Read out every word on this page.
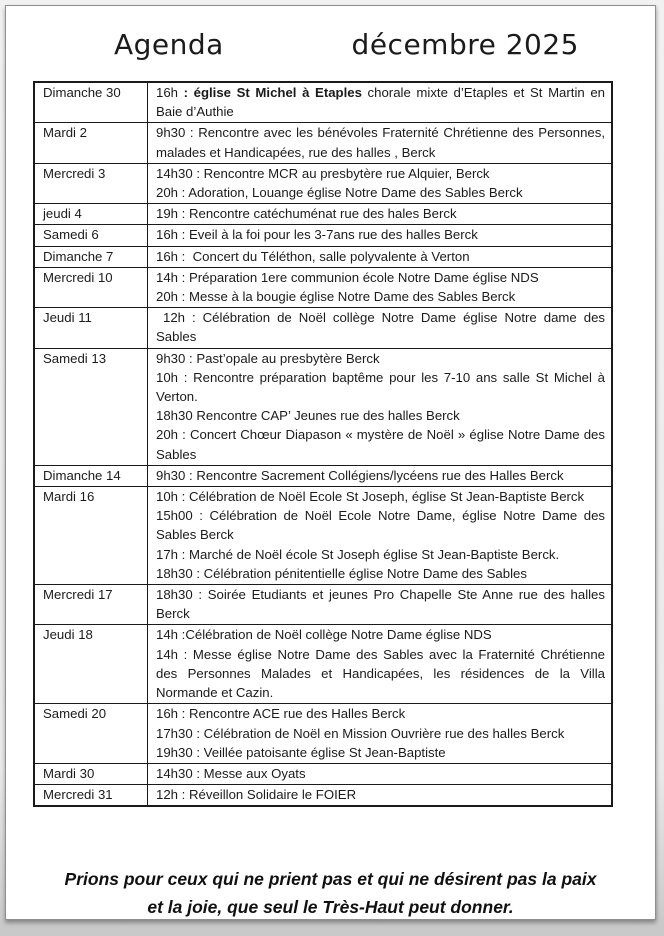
Agenda	décembre 2025
Dimanche 30	16h : église St Michel à Etaples chorale mixte d’Etaples et St Martin en Baie d’Authie

Mardi 2	9h30 : Rencontre avec les bénévoles Fraternité Chrétienne des Personnes, malades et Handicapées, rue des halles , Berck

Mercredi 3	14h30 : Rencontre MCR au presbytère rue Alquier, Berck

20h : Adoration, Louange église Notre Dame des Sables Berck

jeudi 4	19h : Rencontre catéchuménat rue des hales Berck

Samedi 6	16h : Eveil à la foi pour les 3-7ans rue des halles Berck

Dimanche 7	16h :  Concert du Téléthon, salle polyvalente à Verton

Mercredi 10	14h : Préparation 1ere communion école Notre Dame église NDS

20h : Messe à la bougie église Notre Dame des Sables Berck

Jeudi 11	12h : Célébration de Noël collège Notre Dame église Notre dame des Sables

Samedi 13	9h30 : Past’opale au presbytère Berck

10h : Rencontre préparation baptême pour les 7-10 ans salle St Michel à Verton.

18h30 Rencontre CAP’ Jeunes rue des halles Berck

20h : Concert Chœur Diapason « mystère de Noël » église Notre Dame des Sables

Dimanche 14	9h30 : Rencontre Sacrement Collégiens/lycéens rue des Halles Berck

Mardi 16	10h : Célébration de Noël Ecole St Joseph, église St Jean-Baptiste Berck

15h00 : Célébration de Noël Ecole Notre Dame, église Notre Dame des Sables Berck

17h : Marché de Noël école St Joseph église St Jean-Baptiste Berck.

18h30 : Célébration pénitentielle église Notre Dame des Sables

Mercredi 17	18h30 : Soirée Etudiants et jeunes Pro Chapelle Ste Anne rue des halles Berck

Jeudi 18	14h :Célébration de Noël collège Notre Dame église NDS

14h : Messe église Notre Dame des Sables avec la Fraternité Chrétienne des Personnes Malades et Handicapées, les résidences de la Villa Normande et Cazin.

Samedi 20	16h : Rencontre ACE rue des Halles Berck

17h30 : Célébration de Noël en Mission Ouvrière rue des halles Berck

19h30 : Veillée patoisante église St Jean-Baptiste

Mardi 30	14h30 : Messe aux Oyats

Mercredi 31	12h : Réveillon Solidaire le FOIER

Prions pour ceux qui ne prient pas et qui ne désirent pas la paix
et la joie, que seul le Très-Haut peut donner.
